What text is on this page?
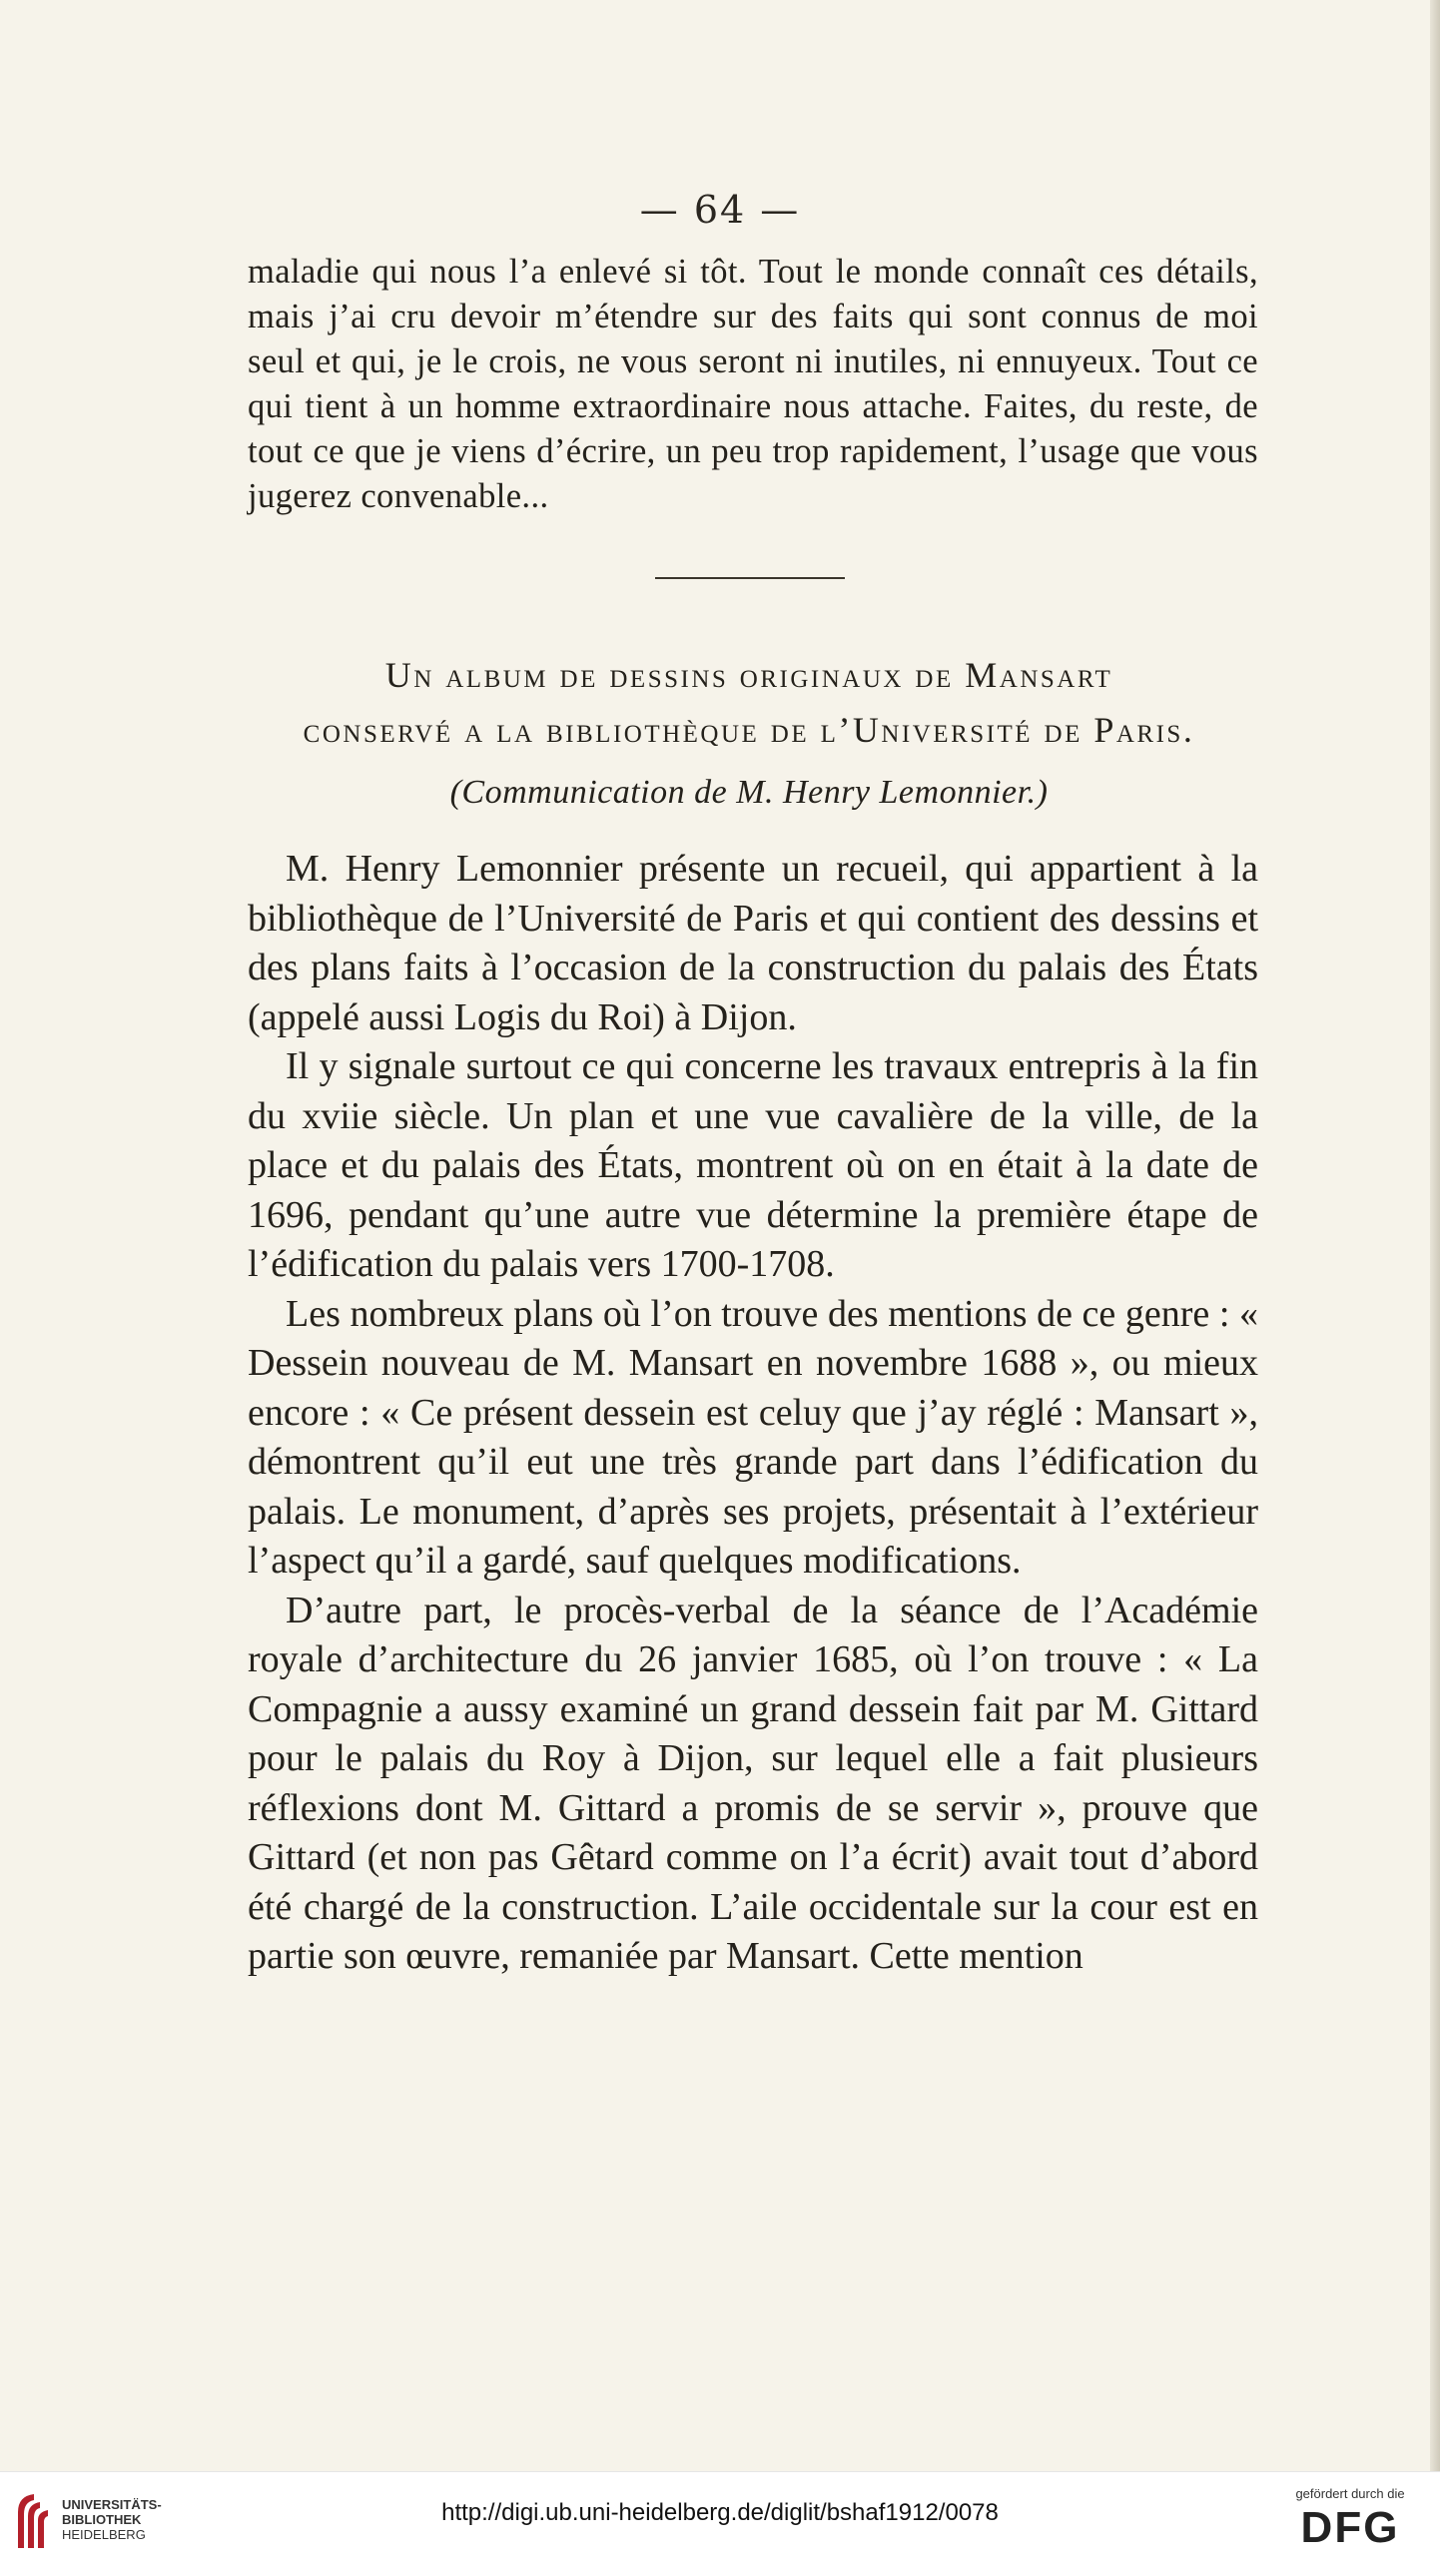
— 64 —

maladie qui nous l’a enlevé si tôt. Tout le monde connaît ces détails, mais j’ai cru devoir m’étendre sur des faits qui sont connus de moi seul et qui, je le crois, ne vous seront ni inutiles, ni ennuyeux. Tout ce qui tient à un homme extraordinaire nous attache. Faites, du reste, de tout ce que je viens d’écrire, un peu trop rapidement, l’usage que vous jugerez convenable...

Un album de dessins originaux de Mansart
conservé a la bibliothèque de l’Université de Paris.
(Communication de M. Henry Lemonnier.)

M. Henry Lemonnier présente un recueil, qui appartient à la bibliothèque de l’Université de Paris et qui contient des dessins et des plans faits à l’occasion de la construction du palais des États (appelé aussi Logis du Roi) à Dijon.

Il y signale surtout ce qui concerne les travaux entrepris à la fin du xviie siècle. Un plan et une vue cavalière de la ville, de la place et du palais des États, montrent où on en était à la date de 1696, pendant qu’une autre vue détermine la première étape de l’édification du palais vers 1700-1708.

Les nombreux plans où l’on trouve des mentions de ce genre : « Dessein nouveau de M. Mansart en novembre 1688 », ou mieux encore : « Ce présent dessein est celuy que j’ay réglé : Mansart », démontrent qu’il eut une très grande part dans l’édification du palais. Le monument, d’après ses projets, présentait à l’extérieur l’aspect qu’il a gardé, sauf quelques modifications.

D’autre part, le procès-verbal de la séance de l’Académie royale d’architecture du 26 janvier 1685, où l’on trouve : « La Compagnie a aussy examiné un grand dessein fait par M. Gittard pour le palais du Roy à Dijon, sur lequel elle a fait plusieurs réflexions dont M. Gittard a promis de se servir », prouve que Gittard (et non pas Gêtard comme on l’a écrit) avait tout d’abord été chargé de la construction. L’aile occidentale sur la cour est en partie son œuvre, remaniée par Mansart. Cette mention

UNIVERSITÄTS-
BIBLIOTHEK
HEIDELBERG
http://digi.ub.uni-heidelberg.de/diglit/bshaf1912/0078
gefördert durch die
DFG
